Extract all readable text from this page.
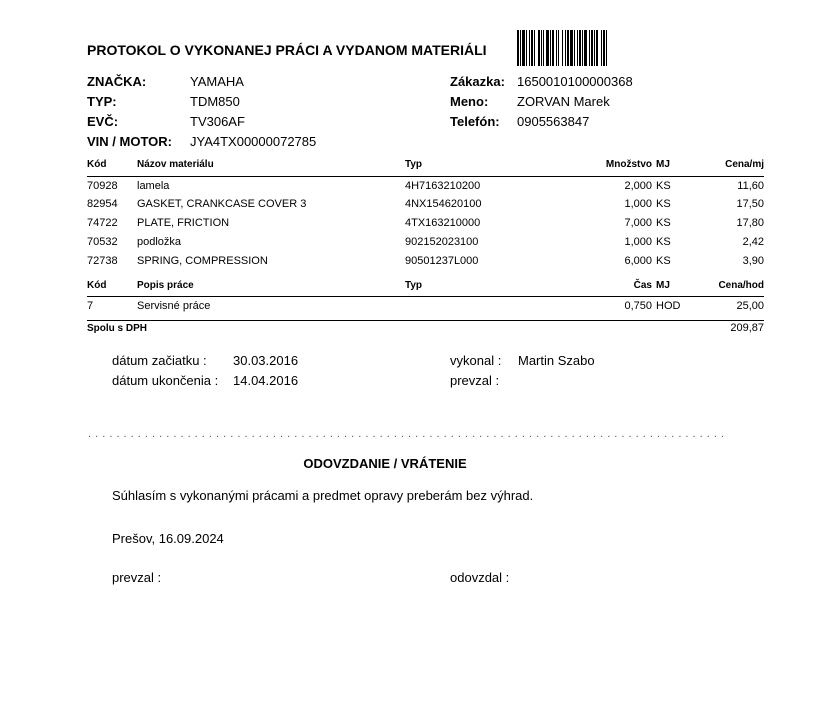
PROTOKOL O VYKONANEJ PRÁCI A VYDANOM MATERIÁLI
ZNAČKA:	YAMAHA
TYP:	TDM850
EVČ:	TV306AF
VIN / MOTOR: JYA4TX00000072785
Zákazka: 1650010100000368
Meno: ZORVAN Marek
Telefón: 0905563847
Kód	Názov materiálu	Typ	Množstvo MJ	Cena/mj
70928 lamela	4H7163210200	2,000 KS	11,60
82954 GASKET, CRANKCASE COVER 3	4NX154620100	1,000 KS	17,50
74722 PLATE, FRICTION	4TX163210000	7,000 KS	17,80
70532 podložka	902152023100	1,000 KS	2,42
72738 SPRING, COMPRESSION	90501237L000	6,000 KS	3,90
Kód	Popis práce	Typ	Čas MJ	Cena/hod
7	Servisné práce	0,750 HOD	25,00
Spolu s DPH	209,87
dátum začiatku : 30.03.2016
dátum ukončenia : 14.04.2016
vykonal : Martin Szabo
prevzal :
. . . . . . . . . . . . . . . . . . . . . . . . . . . . . . . . . . . . . . . . . . . . . . . . . . . . . . . . . . . . . . . . . . . . . . . . . . . . . . . . . . . . . . . . . .
ODOVZDANIE / VRÁTENIE
Súhlasím s vykonanými prácami a predmet opravy preberám bez výhrad.
Prešov, 16.09.2024
prevzal :	odovzdal :
